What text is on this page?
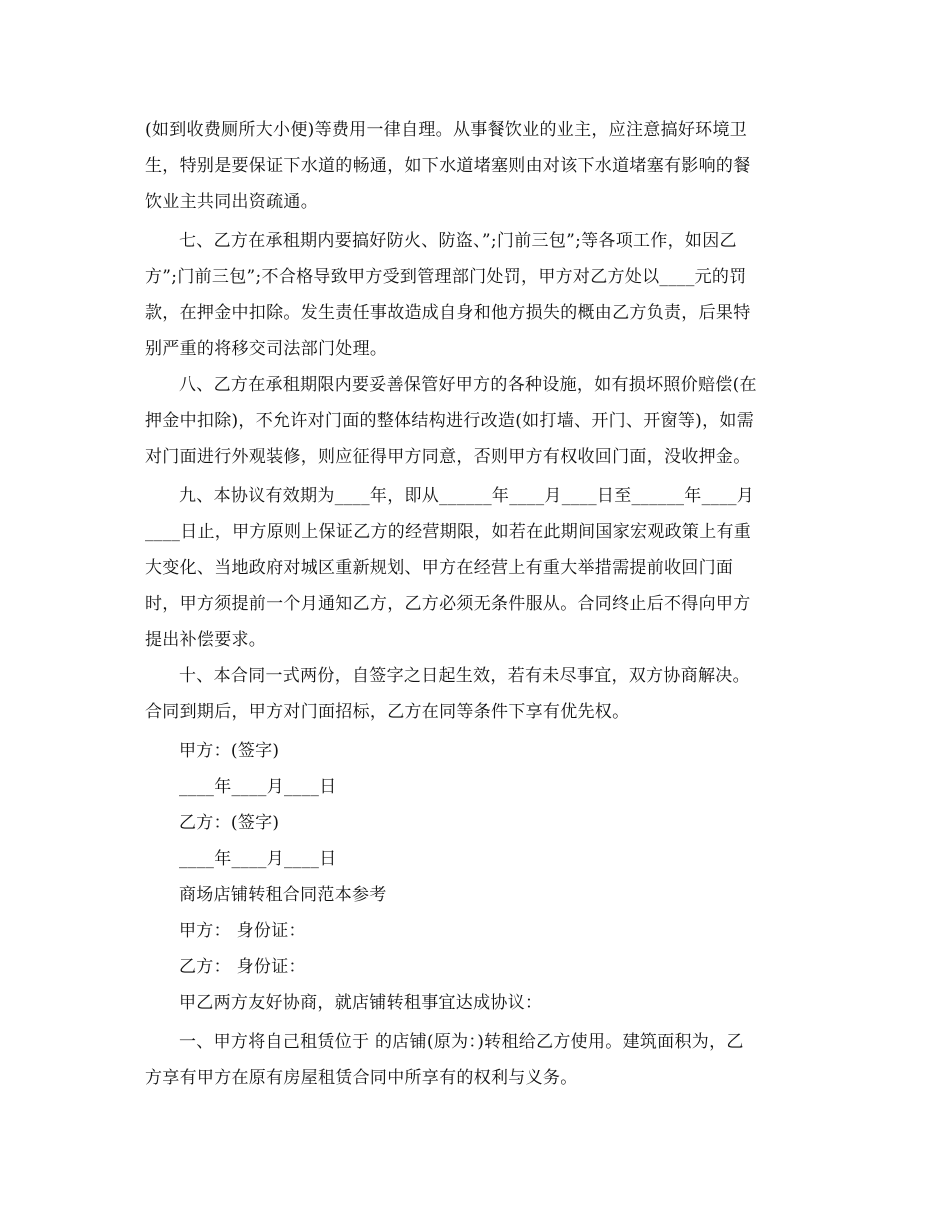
(如到收费厕所大小便)等费用一律自理。从事餐饮业的业主，应注意搞好环境卫
生，特别是要保证下水道的畅通，如下水道堵塞则由对该下水道堵塞有影响的餐
饮业主共同出资疏通。
七、乙方在承租期内要搞好防火、防盗、”;门前三包”;等各项工作，如因乙
方”;门前三包”;不合格导致甲方受到管理部门处罚，甲方对乙方处以____元的罚
款，在押金中扣除。发生责任事故造成自身和他方损失的概由乙方负责，后果特
别严重的将移交司法部门处理。
八、乙方在承租期限内要妥善保管好甲方的各种设施，如有损坏照价赔偿(在
押金中扣除)，不允许对门面的整体结构进行改造(如打墙、开门、开窗等)，如需
对门面进行外观装修，则应征得甲方同意，否则甲方有权收回门面，没收押金。
九、本协议有效期为____年，即从______年____月____日至______年____月
____日止，甲方原则上保证乙方的经营期限，如若在此期间国家宏观政策上有重
大变化、当地政府对城区重新规划、甲方在经营上有重大举措需提前收回门面
时，甲方须提前一个月通知乙方，乙方必须无条件服从。合同终止后不得向甲方
提出补偿要求。
十、本合同一式两份，自签字之日起生效，若有未尽事宜，双方协商解决。
合同到期后，甲方对门面招标，乙方在同等条件下享有优先权。
甲方：(签字)
____年____月____日
乙方：(签字)
____年____月____日
商场店铺转租合同范本参考
甲方： 身份证：
乙方： 身份证：
甲乙两方友好协商，就店铺转租事宜达成协议：
一、甲方将自己租赁位于 的店铺(原为：)转租给乙方使用。建筑面积为，乙
方享有甲方在原有房屋租赁合同中所享有的权利与义务。
